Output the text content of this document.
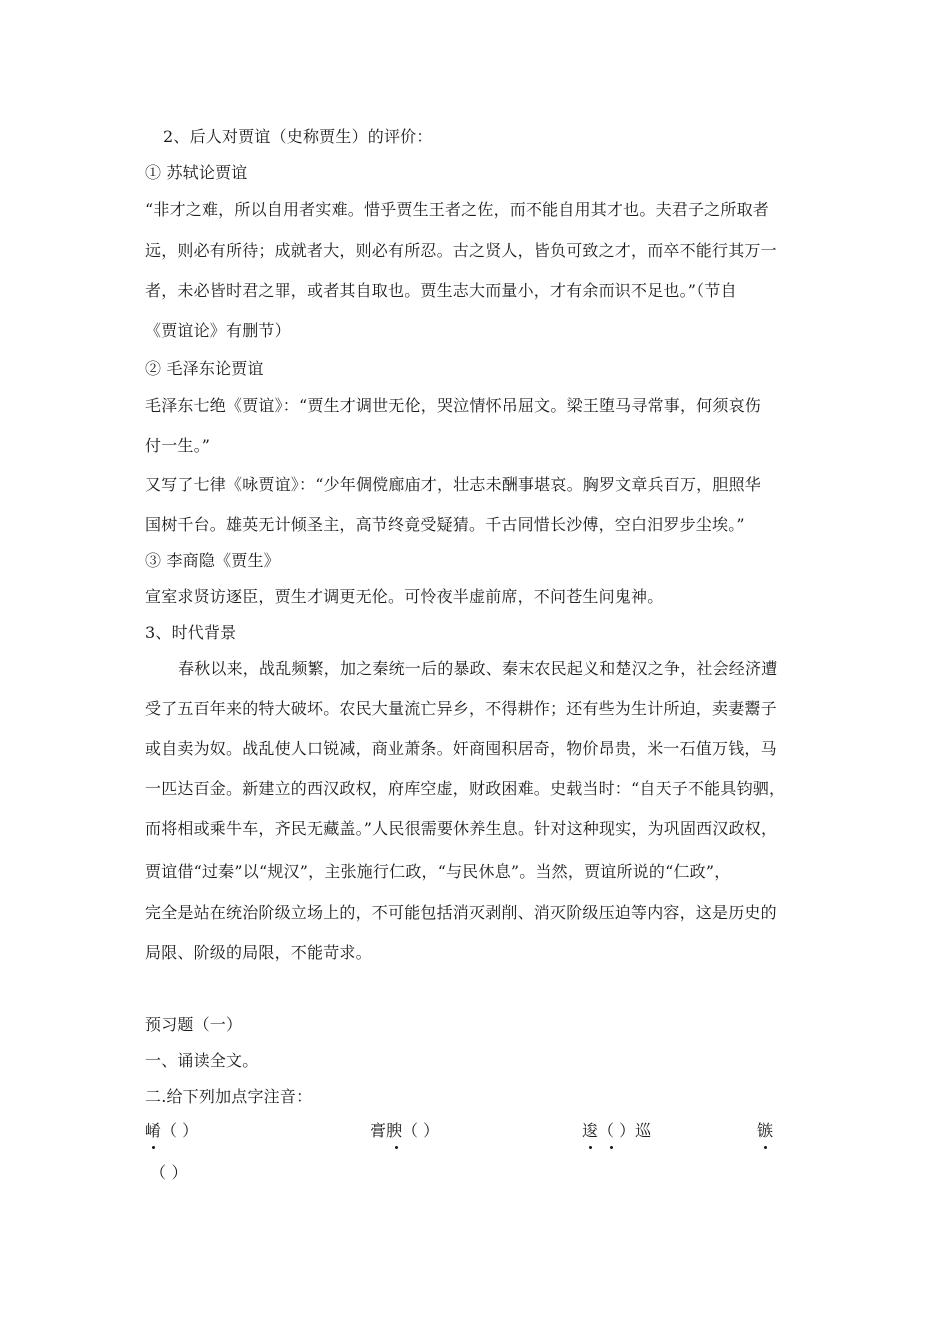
2、后人对贾谊（史称贾生）的评价：
① 苏轼论贾谊
“非才之难，所以自用者实难。惜乎贾生王者之佐，而不能自用其才也。夫君子之所取者
远，则必有所待；成就者大，则必有所忍。古之贤人，皆负可致之才，而卒不能行其万一
者，未必皆时君之罪，或者其自取也。贾生志大而量小，才有余而识不足也。”（节自
《贾谊论》有删节）
② 毛泽东论贾谊
毛泽东七绝《贾谊》：“贾生才调世无伦，哭泣情怀吊屈文。梁王堕马寻常事，何须哀伤
付一生。”
又写了七律《咏贾谊》：“少年倜傥廊庙才，壮志未酬事堪哀。胸罗文章兵百万，胆照华
国树千台。雄英无计倾圣主，高节终竟受疑猜。千古同惜长沙傅，空白汨罗步尘埃。”
③ 李商隐《贾生》
宣室求贤访逐臣，贾生才调更无伦。可怜夜半虚前席，不问苍生问鬼神。
3、时代背景
春秋以来，战乱频繁，加之秦统一后的暴政、秦末农民起义和楚汉之争，社会经济遭
受了五百年来的特大破坏。农民大量流亡异乡，不得耕作；还有些为生计所迫，卖妻鬻子
或自卖为奴。战乱使人口锐减，商业萧条。奸商囤积居奇，物价昂贵，米一石值万钱，马
一匹达百金。新建立的西汉政权，府库空虚，财政困难。史载当时：“自天子不能具钧驷，
而将相或乘牛车，齐民无藏盖。”人民很需要休养生息。针对这种现实，为巩固西汉政权，
贾谊借“过秦”以“规汉”，主张施行仁政，“与民休息”。当然，贾谊所说的“仁政”，
完全是站在统治阶级立场上的，不可能包括消灭剥削、消灭阶级压迫等内容，这是历史的
局限、阶级的局限，不能苛求。
预习题（一）
一、诵读全文。
二.给下列加点字注音：
崤（ ）	膏腴（ ）	逡（ ）巡	镞
（ ）
